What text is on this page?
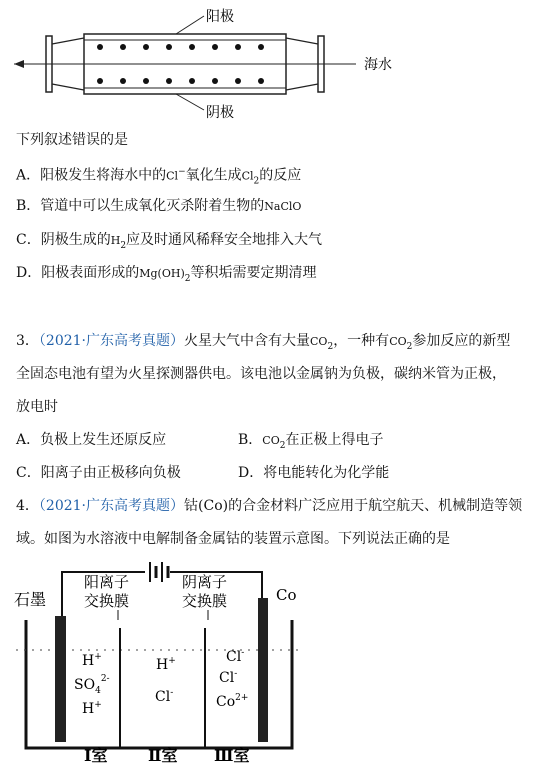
阳极
阴极
海水
下列叙述错误的是
A．阳极发生将海水中的Cl−氧化生成$Cl_2$的反应
B．管道中可以生成氧化灭杀附着生物的NaClO
C．阴极生成的$H_2$应及时通风稀释安全地排入大气
D．阳极表面形成的$Mg(OH)_2$等积垢需要定期清理
3．（2021·广东高考真题）火星大气中含有大量$CO_2$，一种有$CO_2$参加反应的新型
全固态电池有望为火星探测器供电。该电池以金属钠为负极，碳纳米管为正极，
放电时
A．负极上发生还原反应	B．$CO_2$在正极上得电子
C．阳离子由正极移向负极	D．将电能转化为化学能
4．（2021·广东高考真题）钴(Co)的合金材料广泛应用于航空航天、机械制造等领
域。如图为水溶液中电解制备金属钴的装置示意图。下列说法正确的是
石墨
阳离子
交换膜
阴离子
交换膜	Co
H+
$SO_4^{2-}$
H+
H+
Cl-
Cl-
Cl-
$Co^{2+}$
Ⅰ室	Ⅱ室 Ⅲ室
